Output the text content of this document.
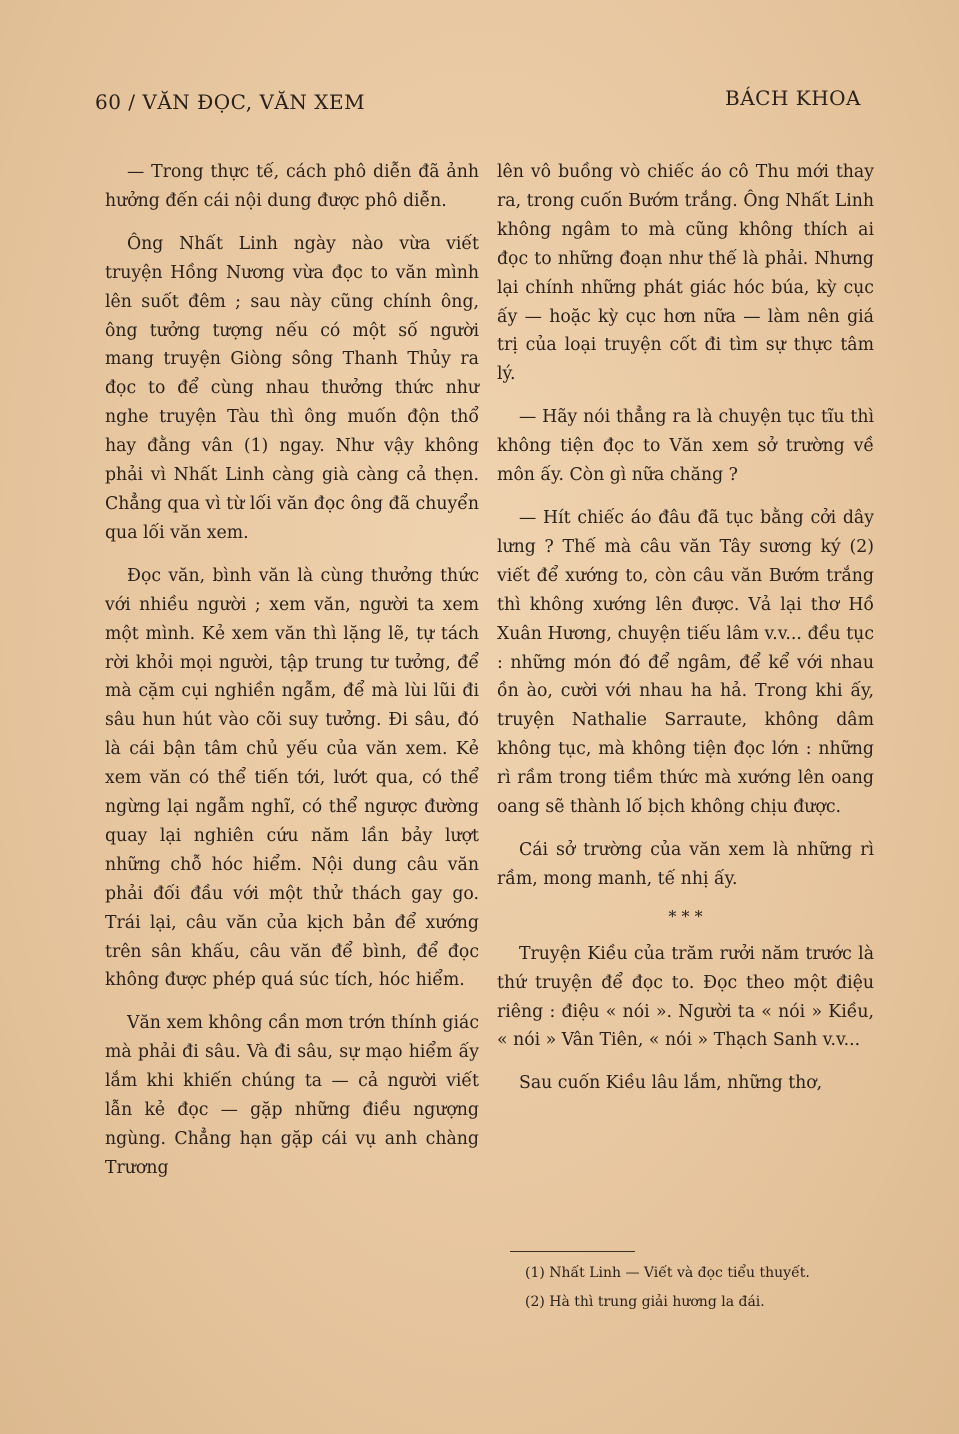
60 / VĂN ĐỌC, VĂN XEM	BÁCH KHOA

— Trong thực tế, cách phô diễn đã ảnh hưởng đến cái nội dung được phô diễn.

Ông Nhất Linh ngày nào vừa viết truyện Hồng Nương vừa đọc to văn mình lên suốt đêm ; sau này cũng chính ông, ông tưởng tượng nếu có một số người mang truyện Giòng sông Thanh Thủy ra đọc to để cùng nhau thưởng thức như nghe truyện Tàu thì ông muốn độn thổ hay đằng vân (1) ngay. Như vậy không phải vì Nhất Linh càng già càng cả thẹn. Chẳng qua vì từ lối văn đọc ông đã chuyển qua lối văn xem.

Đọc văn, bình văn là cùng thưởng thức với nhiều người ; xem văn, người ta xem một mình. Kẻ xem văn thì lặng lẽ, tự tách rời khỏi mọi người, tập trung tư tưởng, để mà cặm cụi nghiền ngẫm, để mà lùi lũi đi sâu hun hút vào cõi suy tưởng. Đi sâu, đó là cái bận tâm chủ yếu của văn xem. Kẻ xem văn có thể tiến tới, lướt qua, có thể ngừng lại ngẫm nghĩ, có thể ngược đường quay lại nghiên cứu năm lần bảy lượt những chỗ hóc hiểm. Nội dung câu văn phải đối đầu với một thử thách gay go. Trái lại, câu văn của kịch bản để xướng trên sân khấu, câu văn để bình, để đọc không được phép quá súc tích, hóc hiểm.

Văn xem không cần mơn trớn thính giác mà phải đi sâu. Và đi sâu, sự mạo hiểm ấy lắm khi khiến chúng ta — cả người viết lẫn kẻ đọc — gặp những điều ngượng ngùng. Chẳng hạn gặp cái vụ anh chàng Trương

lên vô buồng vò chiếc áo cô Thu mới thay ra, trong cuốn Bướm trắng. Ông Nhất Linh không ngâm to mà cũng không thích ai đọc to những đoạn như thế là phải. Nhưng lại chính những phát giác hóc búa, kỳ cục ấy — hoặc kỳ cục hơn nữa — làm nên giá trị của loại truyện cốt đi tìm sự thực tâm lý.

— Hãy nói thẳng ra là chuyện tục tĩu thì không tiện đọc to Văn xem sở trường về môn ấy. Còn gì nữa chăng ?

— Hít chiếc áo đâu đã tục bằng cởi dây lưng ? Thế mà câu văn Tây sương ký (2) viết để xướng to, còn câu văn Bướm trắng thì không xướng lên được. Vả lại thơ Hồ Xuân Hương, chuyện tiếu lâm v.v... đều tục : những món đó để ngâm, để kể với nhau ồn ào, cười với nhau ha hả. Trong khi ấy, truyện Nathalie Sarraute, không dâm không tục, mà không tiện đọc lớn : những rì rầm trong tiềm thức mà xướng lên oang oang sẽ thành lố bịch không chịu được.

Cái sở trường của văn xem là những rì rầm, mong manh, tế nhị ấy.

* * *

Truyện Kiều của trăm rưởi năm trước là thứ truyện để đọc to. Đọc theo một điệu riêng : điệu « nói ». Người ta « nói » Kiều, « nói » Vân Tiên, « nói » Thạch Sanh v.v...

Sau cuốn Kiều lâu lắm, những thơ,

(1) Nhất Linh — Viết và đọc tiểu thuyết.
(2) Hà thì trung giải hương la đái.
